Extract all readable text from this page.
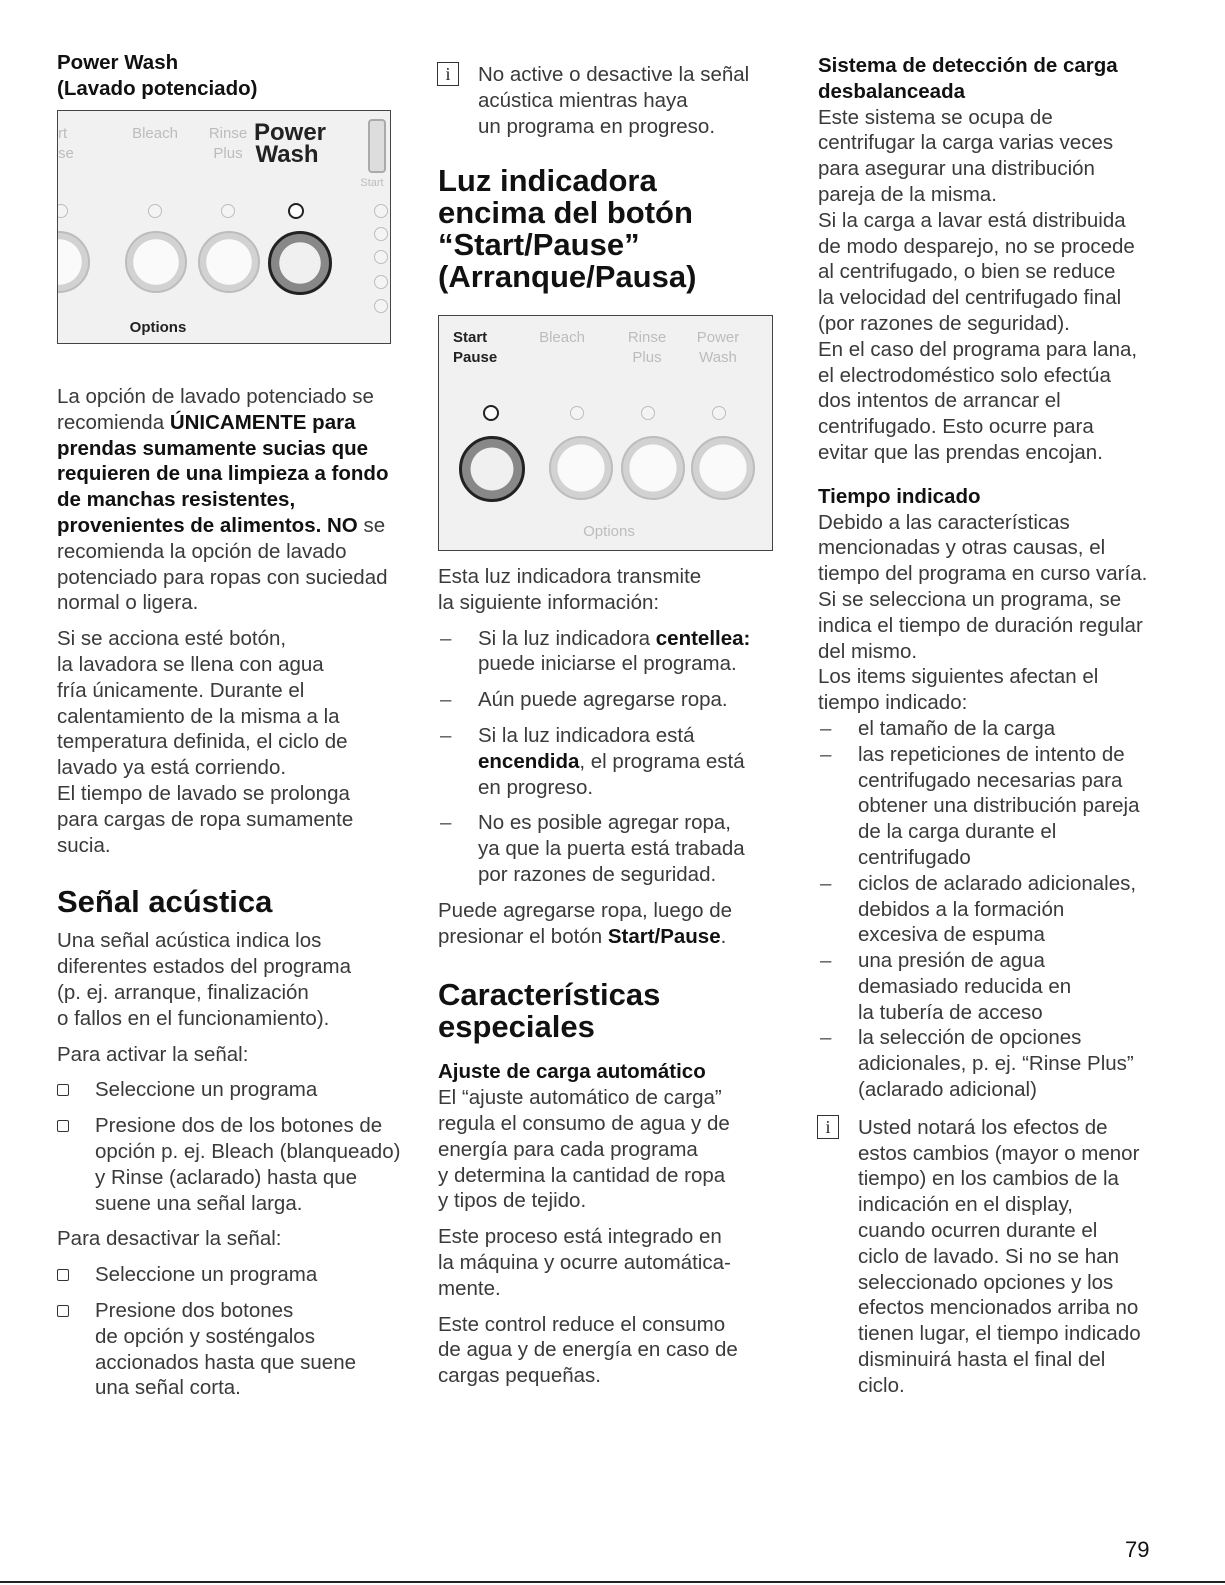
Power Wash
(Lavado potenciado)
rt
se
Bleach	Rinse
Plus
Power
Wash
Start
Options

La opción de lavado potenciado se recomienda ÚNICAMENTE para prendas sumamente sucias que requieren de una limpieza a fondo de manchas resistentes, provenientes de alimentos. NO se recomienda la opción de lavado potenciado para ropas con suciedad normal o ligera.

Si se acciona esté botón,
la lavadora se llena con agua
fría únicamente. Durante el
calentamiento de la misma a la
temperatura definida, el ciclo de
lavado ya está corriendo.
El tiempo de lavado se prolonga
para cargas de ropa sumamente
sucia.
Señal acústica
Una señal acústica indica los
diferentes estados del programa
(p. ej. arranque, finalización
o fallos en el funcionamiento).

Para activar la señal:

Seleccione un programa
Presione dos de los botones de opción p. ej. Bleach (blanqueado) y Rinse (aclarado) hasta que suene una señal larga.

Para desactivar la señal:

Seleccione un programa
Presione dos botones
de opción y sosténgalos
accionados hasta que suene
una señal corta.
i	No active o desactive la señal
acústica mientras haya
un programa en progreso.
Luz indicadora
encima del botón
“Start/Pause”
(Arranque/Pausa)
Start
Pause
Bleach	Rinse
Plus
Power
Wash
Options
Esta luz indicadora transmite
la siguiente información:
– Si la luz indicadora centellea:
puede iniciarse el programa.
– Aún puede agregarse ropa.
– Si la luz indicadora está
encendida, el programa está
en progreso.
– No es posible agregar ropa,
ya que la puerta está trabada
por razones de seguridad.
Puede agregarse ropa, luego de
presionar el botón Start/Pause.
Características
especiales
Ajuste de carga automático
El “ajuste automático de carga”
regula el consumo de agua y de
energía para cada programa
y determina la cantidad de ropa
y tipos de tejido.
Este proceso está integrado en
la máquina y ocurre automática-
mente.
Este control reduce el consumo
de agua y de energía en caso de
cargas pequeñas.
Sistema de detección de carga
desbalanceada
Este sistema se ocupa de
centrifugar la carga varias veces
para asegurar una distribución
pareja de la misma.
Si la carga a lavar está distribuida
de modo desparejo, no se procede
al centrifugado, o bien se reduce
la velocidad del centrifugado final
(por razones de seguridad).
En el caso del programa para lana,
el electrodoméstico solo efectúa
dos intentos de arrancar el
centrifugado. Esto ocurre para
evitar que las prendas encojan.
Tiempo indicado
Debido a las características
mencionadas y otras causas, el
tiempo del programa en curso varía.
Si se selecciona un programa, se
indica el tiempo de duración regular
del mismo.
Los items siguientes afectan el
tiempo indicado:
– el tamaño de la carga
– las repeticiones de intento de
centrifugado necesarias para
obtener una distribución pareja
de la carga durante el
centrifugado
– ciclos de aclarado adicionales,
debidos a la formación
excesiva de espuma
– una presión de agua
demasiado reducida en
la tubería de acceso
– la selección de opciones
adicionales, p. ej. “Rinse Plus”
(aclarado adicional)
i	Usted notará los efectos de
estos cambios (mayor o menor
tiempo) en los cambios de la
indicación en el display,
cuando ocurren durante el
ciclo de lavado. Si no se han
seleccionado opciones y los
efectos mencionados arriba no
tienen lugar, el tiempo indicado
disminuirá hasta el final del
ciclo.
79
